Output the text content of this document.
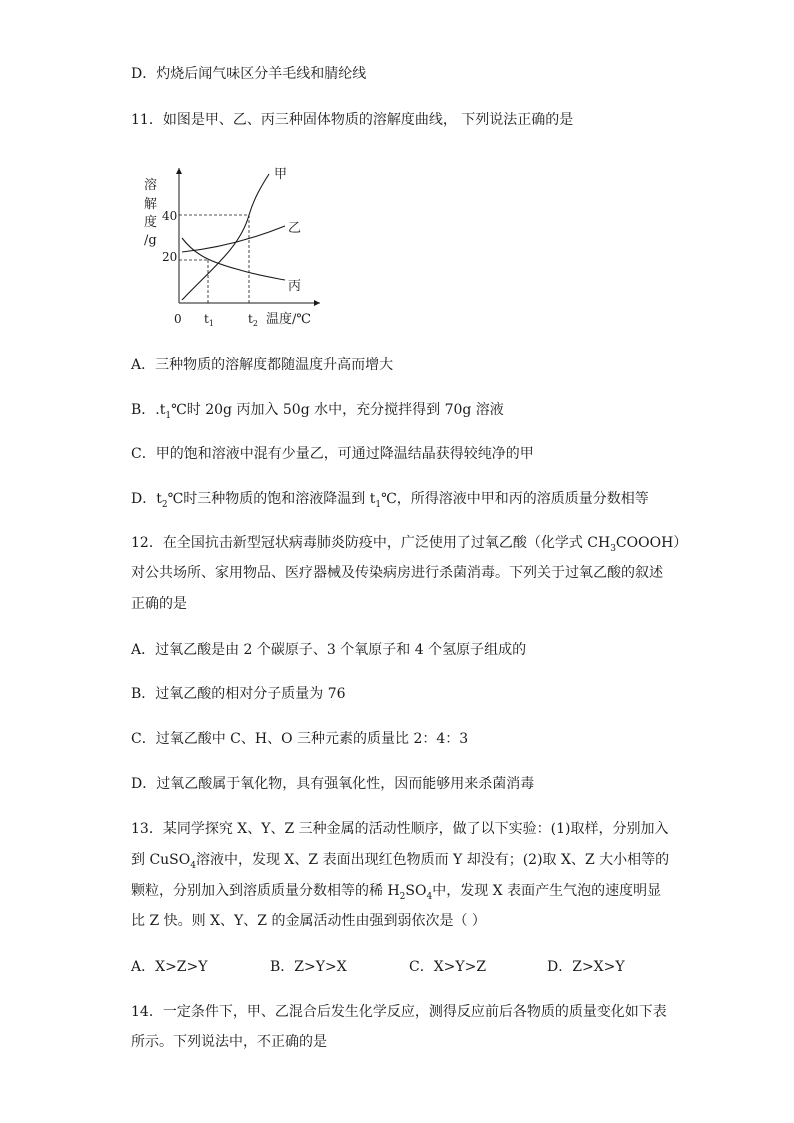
D．灼烧后闻气味区分羊毛线和腈纶线
11．如图是甲、乙、丙三种固体物质的溶解度曲线， 下列说法正确的是
溶
解
度
/g
40
20
0
甲
乙
丙
$t_1$	$t_2$ 温度/℃
A．三种物质的溶解度都随温度升高而增大
B．$.t_1℃$时 20g 丙加入 50g 水中，充分搅拌得到 70g 溶液
C．甲的饱和溶液中混有少量乙，可通过降温结晶获得较纯净的甲
D．$t_2℃$时三种物质的饱和溶液降温到 $t_1℃$，所得溶液中甲和丙的溶质质量分数相等
12．在全国抗击新型冠状病毒肺炎防疫中，广泛使用了过氧乙酸（化学式 $CH_3COOOH$）
对公共场所、家用物品、医疗器械及传染病房进行杀菌消毒。下列关于过氧乙酸的叙述
正确的是
A．过氧乙酸是由 2 个碳原子、3 个氧原子和 4 个氢原子组成的
B．过氧乙酸的相对分子质量为 76
C．过氧乙酸中 C、H、O 三种元素的质量比 2：4：3
D．过氧乙酸属于氧化物，具有强氧化性，因而能够用来杀菌消毒
13．某同学探究 X、Y、Z 三种金属的活动性顺序，做了以下实验：(1)取样，分别加入
到 CuSO$_4$溶液中，发现 X、Z 表面出现红色物质而 Y 却没有；(2)取 X、Z 大小相等的
颗粒，分别加入到溶质质量分数相等的稀 $H_2SO_4$中，发现 X 表面产生气泡的速度明显
比 Z 快。则 X、Y、Z 的金属活动性由强到弱依次是（ ）
A．X>Z>Y	B．Z>Y>X	C．X>Y>Z	D．Z>X>Y
14．一定条件下，甲、乙混合后发生化学反应，测得反应前后各物质的质量变化如下表
所示。下列说法中，不正确的是
